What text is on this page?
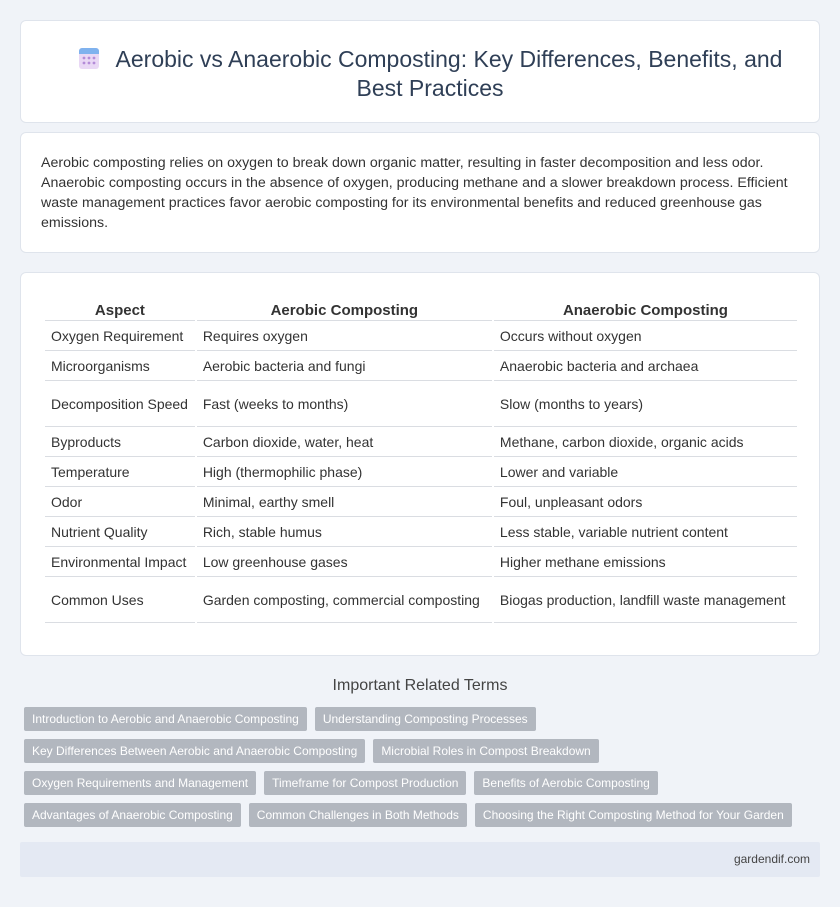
Aerobic vs Anaerobic Composting: Key Differences, Benefits, and Best Practices

Aerobic composting relies on oxygen to break down organic matter, resulting in faster decomposition and less odor. Anaerobic composting occurs in the absence of oxygen, producing methane and a slower breakdown process. Efficient waste management practices favor aerobic composting for its environmental benefits and reduced greenhouse gas emissions.

Aspect	Aerobic Composting	Anaerobic Composting
Oxygen Requirement	Requires oxygen	Occurs without oxygen
Microorganisms	Aerobic bacteria and fungi	Anaerobic bacteria and archaea
Decomposition Speed	Fast (weeks to months)	Slow (months to years)
Byproducts	Carbon dioxide, water, heat	Methane, carbon dioxide, organic acids
Temperature	High (thermophilic phase)	Lower and variable
Odor	Minimal, earthy smell	Foul, unpleasant odors
Nutrient Quality	Rich, stable humus	Less stable, variable nutrient content
Environmental Impact	Low greenhouse gases	Higher methane emissions
Common Uses	Garden composting, commercial composting	Biogas production, landfill waste management
Important Related Terms
Introduction to Aerobic and Anaerobic Composting	Understanding Composting Processes
Key Differences Between Aerobic and Anaerobic Composting	Microbial Roles in Compost Breakdown
Oxygen Requirements and Management	Timeframe for Compost Production	Benefits of Aerobic Composting
Advantages of Anaerobic Composting	Common Challenges in Both Methods	Choosing the Right Composting Method for Your Garden
gardendif.com
